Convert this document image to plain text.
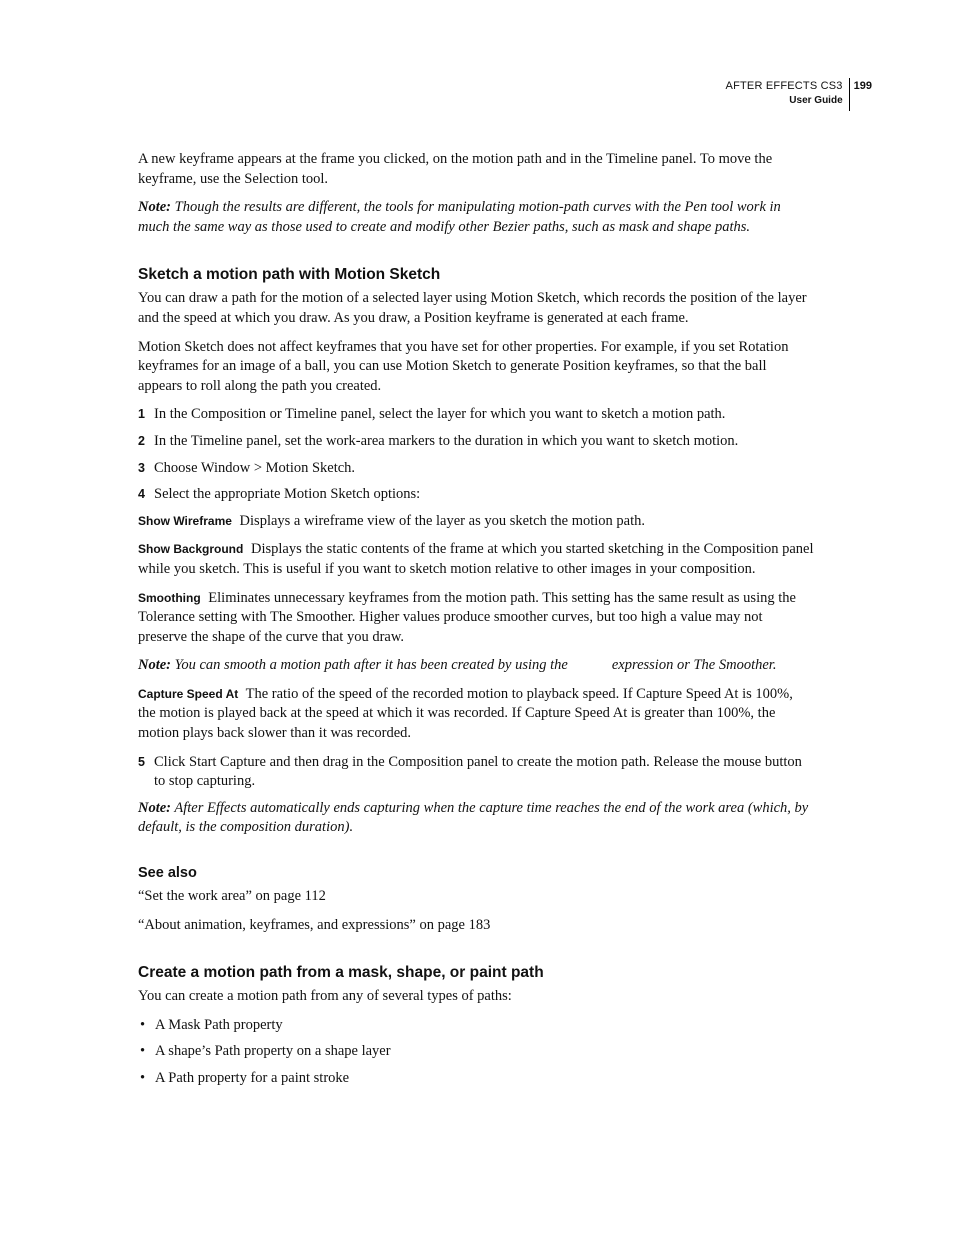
AFTER EFFECTS CS3
User Guide
199

A new keyframe appears at the frame you clicked, on the motion path and in the Timeline panel. To move the keyframe, use the Selection tool.

Note: Though the results are different, the tools for manipulating motion-path curves with the Pen tool work in much the same way as those used to create and modify other Bezier paths, such as mask and shape paths.

Sketch a motion path with Motion Sketch

You can draw a path for the motion of a selected layer using Motion Sketch, which records the position of the layer and the speed at which you draw. As you draw, a Position keyframe is generated at each frame.

Motion Sketch does not affect keyframes that you have set for other properties. For example, if you set Rotation keyframes for an image of a ball, you can use Motion Sketch to generate Position keyframes, so that the ball appears to roll along the path you created.

1 In the Composition or Timeline panel, select the layer for which you want to sketch a motion path.
2 In the Timeline panel, set the work-area markers to the duration in which you want to sketch motion.
3 Choose Window > Motion Sketch.
4 Select the appropriate Motion Sketch options:

Show Wireframe Displays a wireframe view of the layer as you sketch the motion path.

Show Background Displays the static contents of the frame at which you started sketching in the Composition panel while you sketch. This is useful if you want to sketch motion relative to other images in your composition.

Smoothing Eliminates unnecessary keyframes from the motion path. This setting has the same result as using the Tolerance setting with The Smoother. Higher values produce smoother curves, but too high a value may not preserve the shape of the curve that you draw.

Note: You can smooth a motion path after it has been created by using the	expression or The Smoother.

Capture Speed At The ratio of the speed of the recorded motion to playback speed. If Capture Speed At is 100%, the motion is played back at the speed at which it was recorded. If Capture Speed At is greater than 100%, the motion plays back slower than it was recorded.

5 Click Start Capture and then drag in the Composition panel to create the motion path. Release the mouse button to stop capturing.

Note: After Effects automatically ends capturing when the capture time reaches the end of the work area (which, by default, is the composition duration).

See also

“Set the work area” on page 112

“About animation, keyframes, and expressions” on page 183

Create a motion path from a mask, shape, or paint path

You can create a motion path from any of several types of paths:

• A Mask Path property
• A shape’s Path property on a shape layer
• A Path property for a paint stroke
